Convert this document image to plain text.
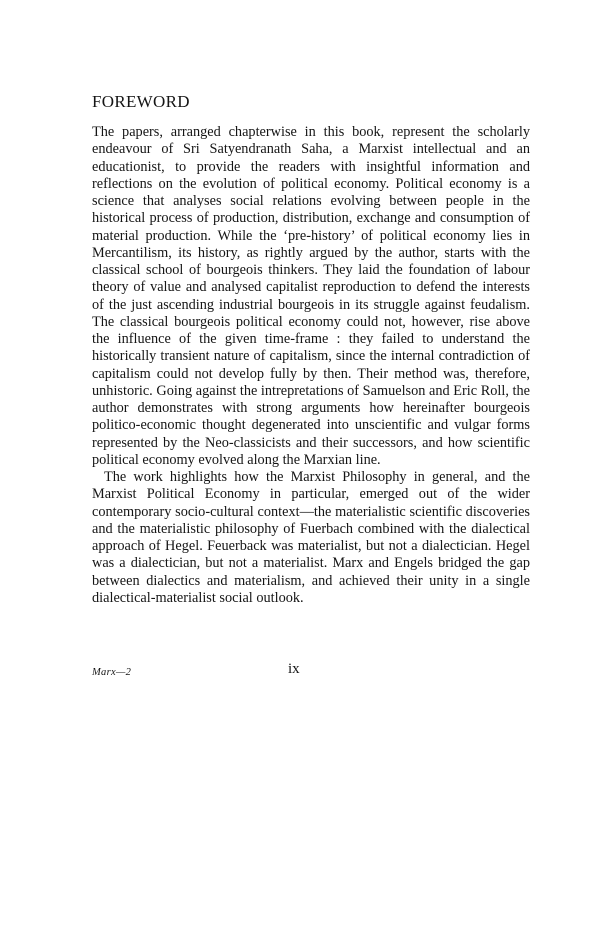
FOREWORD

The papers, arranged chapterwise in this book, represent the scholarly endeavour of Sri Satyendranath Saha, a Marxist intellectual and an educationist, to provide the readers with insightful information and reflections on the evolution of political economy. Political economy is a science that analyses social relations evolving between people in the historical process of production, distribution, exchange and consumption of material production. While the ‘pre-history’ of political economy lies in Mercantilism, its history, as rightly argued by the author, starts with the classical school of bourgeois thinkers. They laid the foundation of labour theory of value and analysed capitalist reproduction to defend the interests of the just ascending industrial bourgeois in its struggle against feudalism. The classical bourgeois political economy could not, however, rise above the influence of the given time-frame : they failed to understand the historically transient nature of capitalism, since the internal contradiction of capitalism could not develop fully by then. Their method was, therefore, unhistoric. Going against the intrepretations of Samuelson and Eric Roll, the author demonstrates with strong arguments how hereinafter bourgeois politico-economic thought degenerated into unscientific and vulgar forms represented by the Neo-classicists and their successors, and how scientific political economy evolved along the Marxian line.

The work highlights how the Marxist Philosophy in general, and the Marxist Political Economy in particular, emerged out of the wider contemporary socio-cultural context—the materialistic scientific discoveries and the materialistic philosophy of Fuerbach combined with the dialectical approach of Hegel. Feuerback was materialist, but not a dialectician. Hegel was a dialectician, but not a materialist. Marx and Engels bridged the gap between dialectics and materialism, and achieved their unity in a single dialectical-materialist social outlook.

Marx—2	ix
